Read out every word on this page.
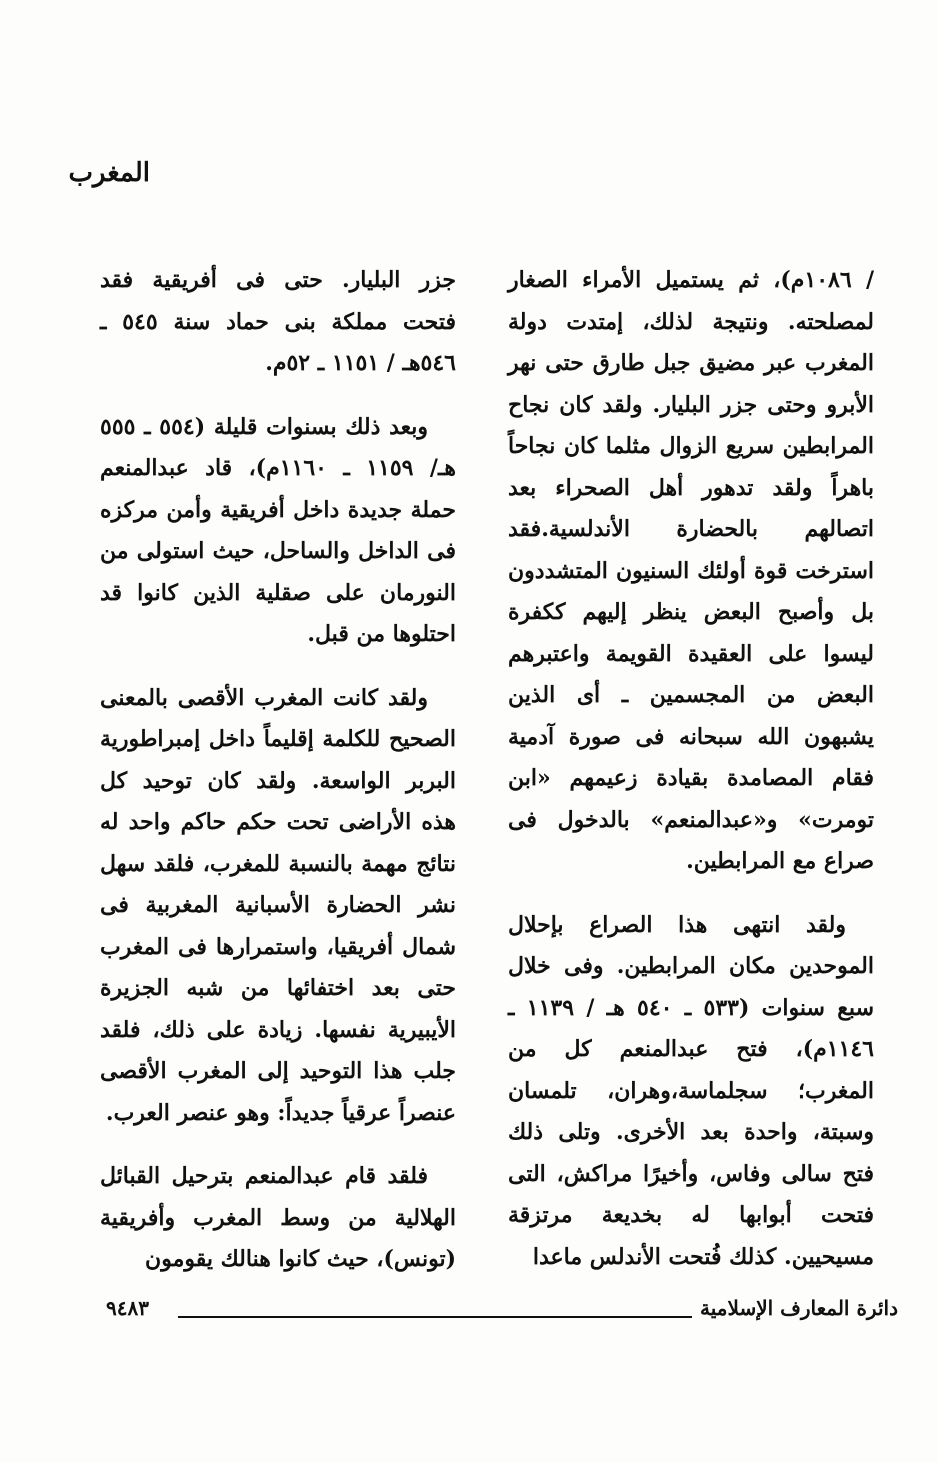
المغرب

/ ١٠٨٦م)، ثم يستميل الأمراء الصغار لمصلحته. ونتيجة لذلك، إمتدت دولة المغرب عبر مضيق جبل طارق حتى نهر الأبرو وحتى جزر البليار. ولقد كان نجاح المرابطين سريع الزوال مثلما كان نجاحاً باهراً ولقد تدهور أهل الصحراء بعد اتصالهم بالحضارة الأندلسية.فقد استرخت قوة أولئك السنيون المتشددون بل وأصبح البعض ينظر إليهم ككفرة ليسوا على العقيدة القويمة واعتبرهم البعض من المجسمين ـ أى الذين يشبهون الله سبحانه فى صورة آدمية فقام المصامدة بقيادة زعيمهم «ابن تومرت» و«عبدالمنعم» بالدخول فى صراع مع المرابطين.

ولقد انتهى هذا الصراع بإحلال الموحدين مكان المرابطين. وفى خلال سبع سنوات (٥٣٣ ـ ٥٤٠ هـ / ١١٣٩ ـ ١١٤٦م)، فتح عبدالمنعم كل من المغرب؛ سجلماسة،وهران، تلمسان وسبتة، واحدة بعد الأخرى. وتلى ذلك فتح سالى وفاس، وأخيرًا مراكش، التى فتحت أبوابها له بخديعة مرتزقة مسيحيين. كذلك فُتحت الأندلس ماعدا

جزر البليار. حتى فى أفريقية فقد فتحت مملكة بنى حماد سنة ٥٤٥ ـ ٥٤٦هـ / ١١٥١ ـ ٥٢م.

وبعد ذلك بسنوات قليلة (٥٥٤ ـ ٥٥٥ هـ/ ١١٥٩ ـ ١١٦٠م)، قاد عبدالمنعم حملة جديدة داخل أفريقية وأمن مركزه فى الداخل والساحل، حيث استولى من النورمان على صقلية الذين كانوا قد احتلوها من قبل.

ولقد كانت المغرب الأقصى بالمعنى الصحيح للكلمة إقليماً داخل إمبراطورية البربر الواسعة. ولقد كان توحيد كل هذه الأراضى تحت حكم حاكم واحد له نتائج مهمة بالنسبة للمغرب، فلقد سهل نشر الحضارة الأسبانية المغربية فى شمال أفريقيا، واستمرارها فى المغرب حتى بعد اختفائها من شبه الجزيرة الأيبيرية نفسها. زيادة على ذلك، فلقد جلب هذا التوحيد إلى المغرب الأقصى عنصراً عرقياً جديداً: وهو عنصر العرب.

فلقد قام عبدالمنعم بترحيل القبائل الهلالية من وسط المغرب وأفريقية (تونس)، حيث كانوا هنالك يقومون

دائرة المعارف الإسلامية
٩٤٨٣
